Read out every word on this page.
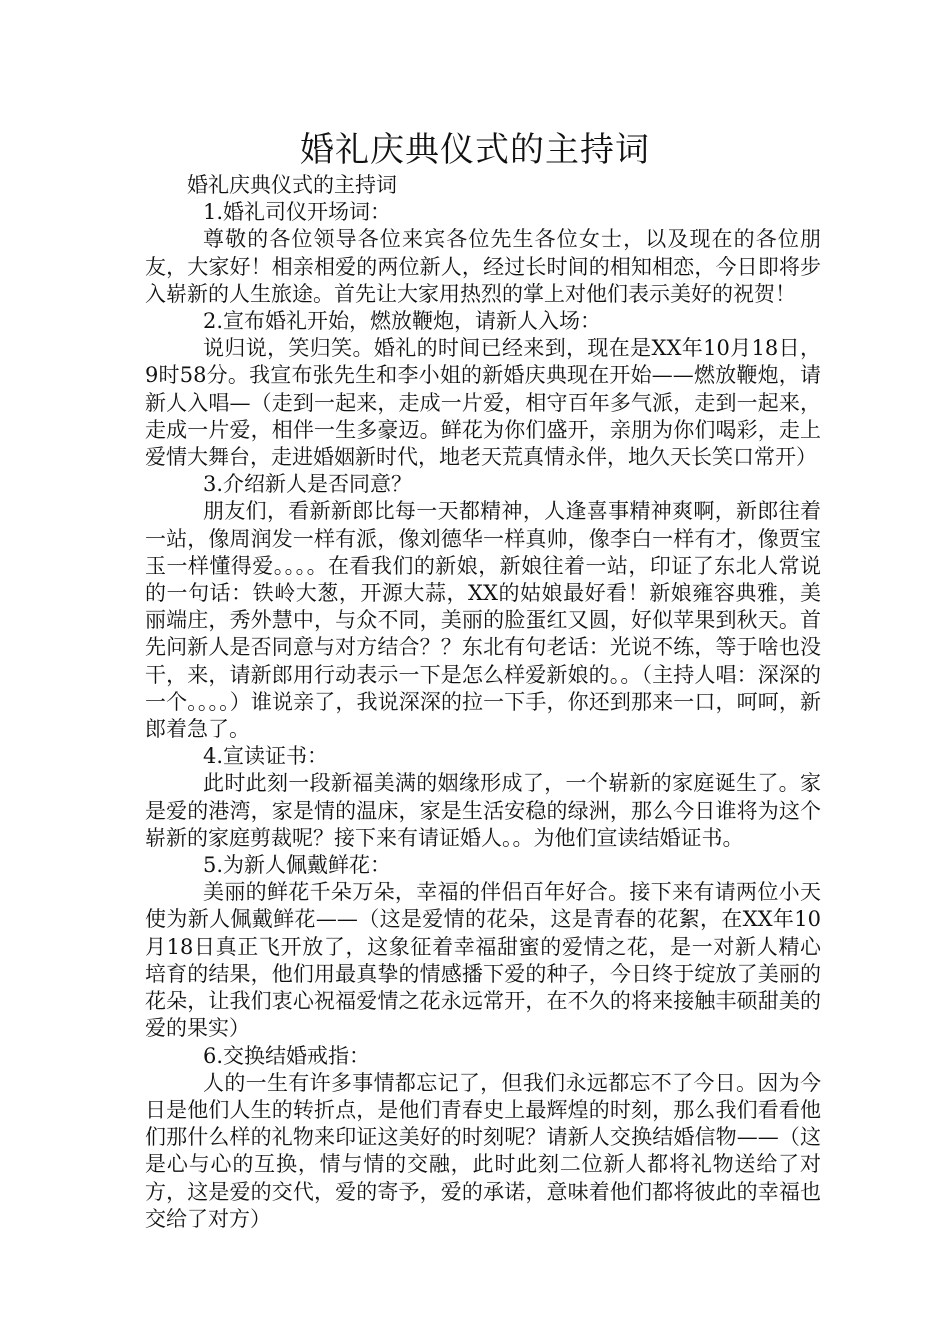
婚礼庆典仪式的主持词

婚礼庆典仪式的主持词

1.婚礼司仪开场词：

尊敬的各位领导各位来宾各位先生各位女士，以及现在的各位朋友，大家好！相亲相爱的两位新人，经过长时间的相知相恋，今日即将步入崭新的人生旅途。首先让大家用热烈的掌上对他们表示美好的祝贺！

2.宣布婚礼开始，燃放鞭炮，请新人入场：

说归说，笑归笑。婚礼的时间已经来到，现在是XX年10月18日，9时58分。我宣布张先生和李小姐的新婚庆典现在开始——燃放鞭炮，请新人入唱—（走到一起来，走成一片爱，相守百年多气派，走到一起来，走成一片爱，相伴一生多豪迈。鲜花为你们盛开，亲朋为你们喝彩，走上爱情大舞台，走进婚姻新时代，地老天荒真情永伴，地久天长笑口常开）

3.介绍新人是否同意？

朋友们，看新新郎比每一天都精神，人逢喜事精神爽啊，新郎往着一站，像周润发一样有派，像刘德华一样真帅，像李白一样有才，像贾宝玉一样懂得爱。。。。在看我们的新娘，新娘往着一站，印证了东北人常说的一句话：铁岭大葱，开源大蒜，XX的姑娘最好看！新娘雍容典雅，美丽端庄，秀外慧中，与众不同，美丽的脸蛋红又圆，好似苹果到秋天。首先问新人是否同意与对方结合？？东北有句老话：光说不练，等于啥也没干，来，请新郎用行动表示一下是怎么样爱新娘的。。（主持人唱：深深的一个。。。。）谁说亲了，我说深深的拉一下手，你还到那来一口，呵呵，新郎着急了。

4.宣读证书：

此时此刻一段新福美满的姻缘形成了，一个崭新的家庭诞生了。家是爱的港湾，家是情的温床，家是生活安稳的绿洲，那么今日谁将为这个崭新的家庭剪裁呢？接下来有请证婚人。。为他们宣读结婚证书。

5.为新人佩戴鲜花：

美丽的鲜花千朵万朵，幸福的伴侣百年好合。接下来有请两位小天使为新人佩戴鲜花——（这是爱情的花朵，这是青春的花絮，在XX年10月18日真正飞开放了，这象征着幸福甜蜜的爱情之花，是一对新人精心培育的结果，他们用最真挚的情感播下爱的种子，今日终于绽放了美丽的花朵，让我们衷心祝福爱情之花永远常开，在不久的将来接触丰硕甜美的爱的果实）

6.交换结婚戒指：

人的一生有许多事情都忘记了，但我们永远都忘不了今日。因为今日是他们人生的转折点，是他们青春史上最辉煌的时刻，那么我们看看他们那什么样的礼物来印证这美好的时刻呢？请新人交换结婚信物——（这是心与心的互换，情与情的交融，此时此刻二位新人都将礼物送给了对方，这是爱的交代，爱的寄予，爱的承诺，意味着他们都将彼此的幸福也交给了对方）
